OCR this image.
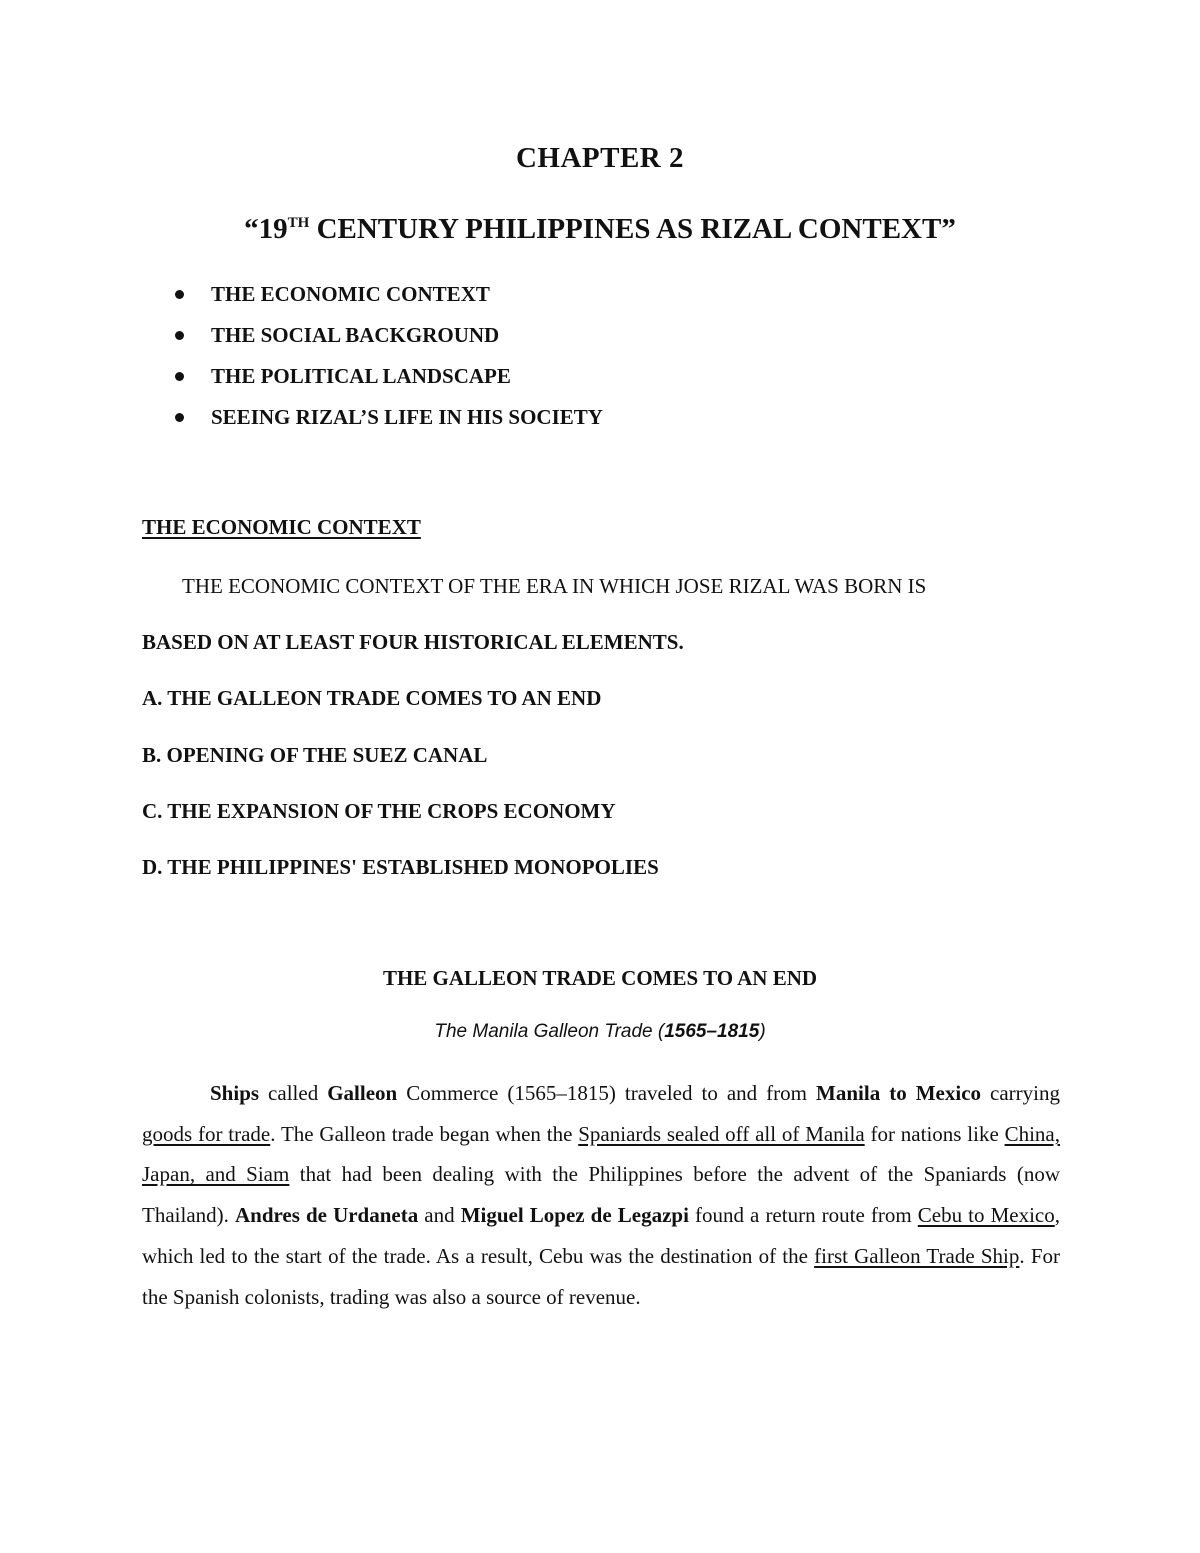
CHAPTER 2
“19TH CENTURY PHILIPPINES AS RIZAL CONTEXT”
THE ECONOMIC CONTEXT
THE SOCIAL BACKGROUND
THE POLITICAL LANDSCAPE
SEEING RIZAL’S LIFE IN HIS SOCIETY
THE ECONOMIC CONTEXT
THE ECONOMIC CONTEXT OF THE ERA IN WHICH JOSE RIZAL WAS BORN IS
BASED ON AT LEAST FOUR HISTORICAL ELEMENTS.
A. THE GALLEON TRADE COMES TO AN END
B. OPENING OF THE SUEZ CANAL
C. THE EXPANSION OF THE CROPS ECONOMY
D. THE PHILIPPINES' ESTABLISHED MONOPOLIES
THE GALLEON TRADE COMES TO AN END
The Manila Galleon Trade (1565–1815)

Ships called Galleon Commerce (1565–1815) traveled to and from Manila to Mexico carrying goods for trade. The Galleon trade began when the Spaniards sealed off all of Manila for nations like China, Japan, and Siam that had been dealing with the Philippines before the advent of the Spaniards (now Thailand). Andres de Urdaneta and Miguel Lopez de Legazpi found a return route from Cebu to Mexico, which led to the start of the trade. As a result, Cebu was the destination of the first Galleon Trade Ship. For the Spanish colonists, trading was also a source of revenue.
